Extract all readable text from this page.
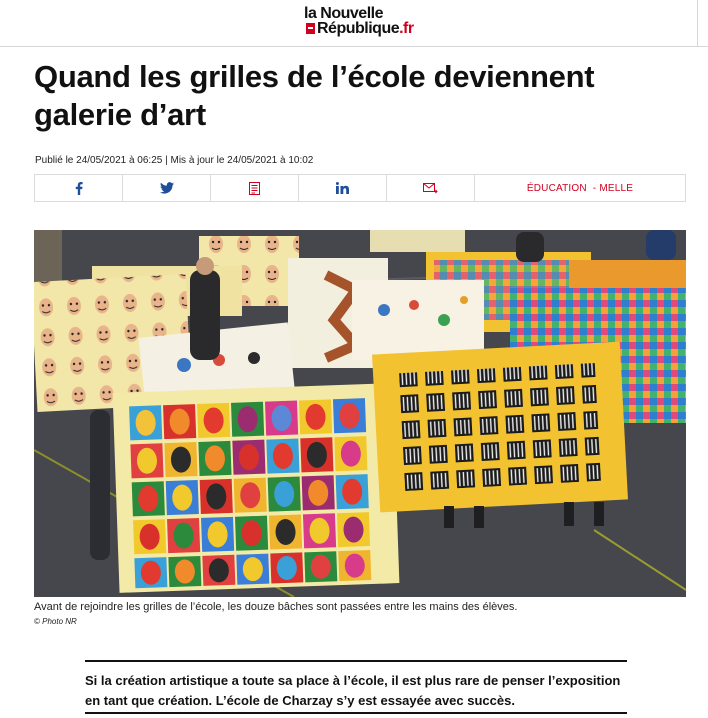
la Nouvelle
République.fr
Quand les grilles de l’école deviennent galerie d’art
Publié le 24/05/2021 à 06:25 | Mis à jour le 24/05/2021 à 10:02
ÉDUCATION - MELLE
Avant de rejoindre les grilles de l’école, les douze bâches sont passées entre les mains des élèves.
© Photo NR
Si la création artistique a toute sa place à l’école, il est plus rare de penser l’exposition en tant que création. L’école de Charzay s’y est essayée avec succès.
